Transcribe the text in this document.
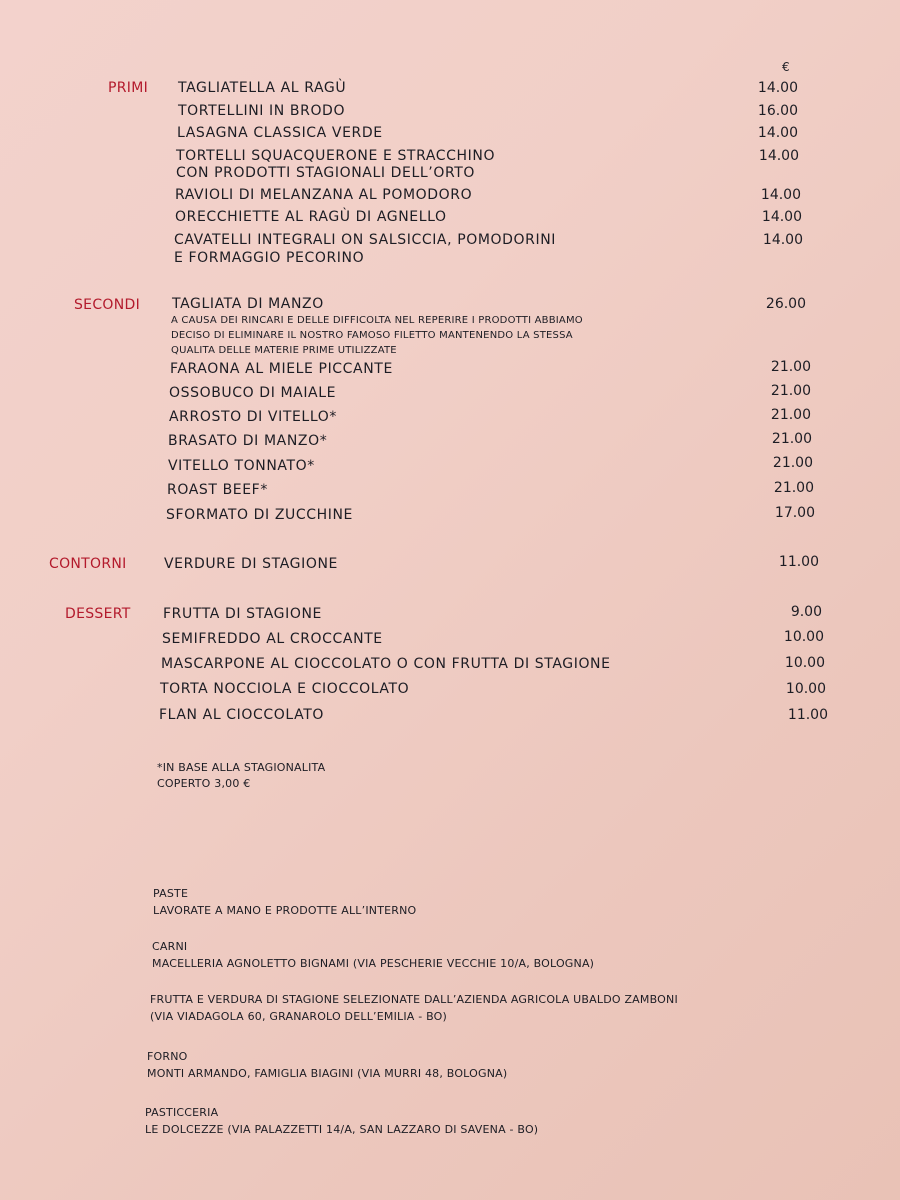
€
PRIMI TAGLIATELLA AL RAGÙ	14.00
TORTELLINI IN BRODO	16.00
LASAGNA CLASSICA VERDE	14.00
TORTELLI SQUACQUERONE E STRACCHINO
CON PRODOTTI STAGIONALI DELL’ORTO
14.00
RAVIOLI DI MELANZANA AL POMODORO	14.00
ORECCHIETTE AL RAGÙ DI AGNELLO	14.00
CAVATELLI INTEGRALI ON SALSICCIA, POMODORINI
E FORMAGGIO PECORINO
14.00
SECONDI TAGLIATA DI MANZO	26.00
A CAUSA DEI RINCARI E DELLE DIFFICOLTA NEL REPERIRE I PRODOTTI ABBIAMO
DECISO DI ELIMINARE IL NOSTRO FAMOSO FILETTO MANTENENDO LA STESSA
QUALITA DELLE MATERIE PRIME UTILIZZATE
FARAONA AL MIELE PICCANTE	21.00
OSSOBUCO DI MAIALE	21.00
ARROSTO DI VITELLO*	21.00
BRASATO DI MANZO*	21.00
VITELLO TONNATO*	21.00
ROAST BEEF*	21.00
SFORMATO DI ZUCCHINE	17.00
CONTORNI	VERDURE DI STAGIONE	11.00
DESSERT FRUTTA DI STAGIONE	9.00
SEMIFREDDO AL CROCCANTE	10.00
MASCARPONE AL CIOCCOLATO O CON FRUTTA DI STAGIONE	10.00
TORTA NOCCIOLA E CIOCCOLATO	10.00
FLAN AL CIOCCOLATO	11.00
*IN BASE ALLA STAGIONALITA
COPERTO 3,00 €
PASTE
LAVORATE A MANO E PRODOTTE ALL’INTERNO
CARNI
MACELLERIA AGNOLETTO BIGNAMI (VIA PESCHERIE VECCHIE 10/A, BOLOGNA)
FRUTTA E VERDURA DI STAGIONE SELEZIONATE DALL’AZIENDA AGRICOLA UBALDO ZAMBONI
(VIA VIADAGOLA 60, GRANAROLO DELL’EMILIA - BO)
FORNO
MONTI ARMANDO, FAMIGLIA BIAGINI (VIA MURRI 48, BOLOGNA)
PASTICCERIA
LE DOLCEZZE (VIA PALAZZETTI 14/A, SAN LAZZARO DI SAVENA - BO)
